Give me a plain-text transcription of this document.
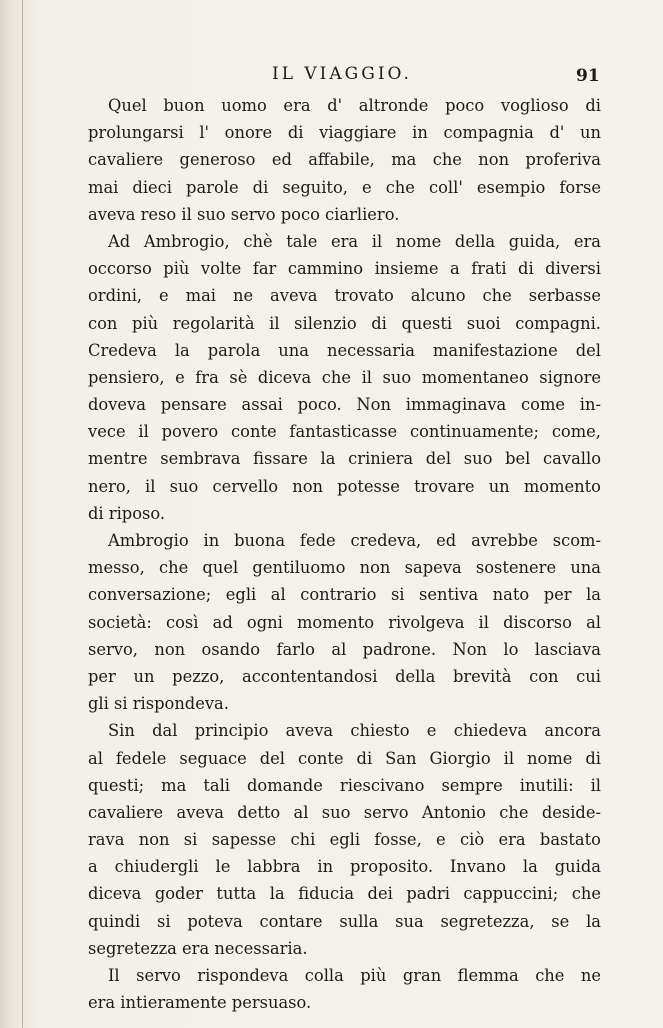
IL VIAGGIO.	91
Quel buon uomo era d' altronde poco voglioso di
prolungarsi l' onore di viaggiare in compagnia d' un
cavaliere generoso ed affabile, ma che non proferiva
mai dieci parole di seguito, e che coll' esempio forse
aveva reso il suo servo poco ciarliero.
Ad Ambrogio, chè tale era il nome della guida, era
occorso più volte far cammino insieme a frati di diversi
ordini, e mai ne aveva trovato alcuno che serbasse
con più regolarità il silenzio di questi suoi compagni.
Credeva la parola una necessaria manifestazione del
pensiero, e fra sè diceva che il suo momentaneo signore
doveva pensare assai poco. Non immaginava come in-
vece il povero conte fantasticasse continuamente; come,
mentre sembrava fissare la criniera del suo bel cavallo
nero, il suo cervello non potesse trovare un momento
di riposo.
Ambrogio in buona fede credeva, ed avrebbe scom-
messo, che quel gentiluomo non sapeva sostenere una
conversazione; egli al contrario si sentiva nato per la
società: così ad ogni momento rivolgeva il discorso al
servo, non osando farlo al padrone. Non lo lasciava
per un pezzo, accontentandosi della brevità con cui
gli si rispondeva.
Sin dal principio aveva chiesto e chiedeva ancora
al fedele seguace del conte di San Giorgio il nome di
questi; ma tali domande riescivano sempre inutili: il
cavaliere aveva detto al suo servo Antonio che deside-
rava non si sapesse chi egli fosse, e ciò era bastato
a chiudergli le labbra in proposito. Invano la guida
diceva goder tutta la fiducia dei padri cappuccini; che
quindi si poteva contare sulla sua segretezza, se la
segretezza era necessaria.
Il servo rispondeva colla più gran flemma che ne
era intieramente persuaso.
